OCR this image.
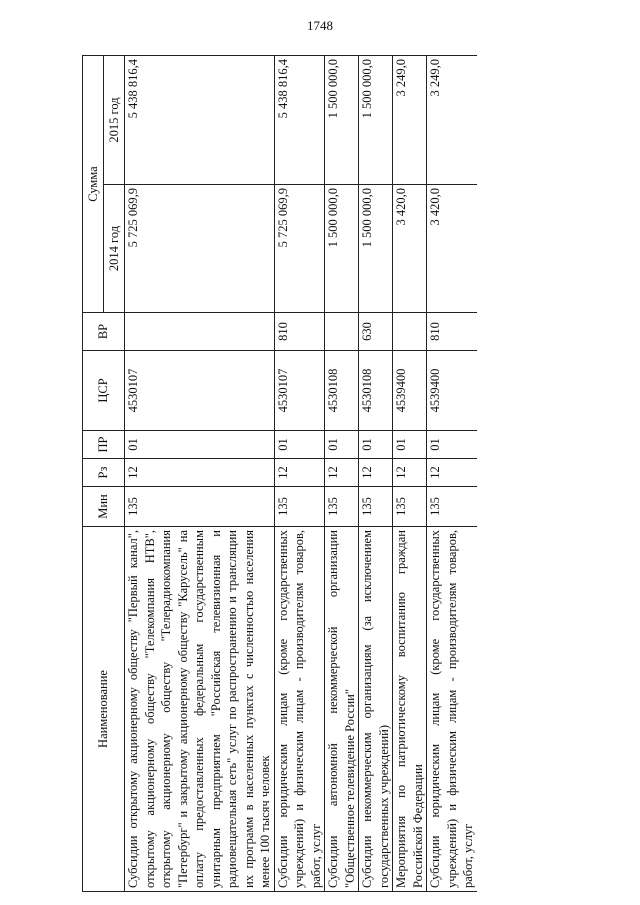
1748
Наименование	Мин	Рз	ПР	ЦСР	ВР	Сумма	
						2014 год	2015 год
Субсидии открытому акционерному обществу "Первый канал", открытому акционерному обществу "Телекомпания НТВ", открытому акционерному обществу "Телерадиокомпания "Петербург" и закрытому акционерному обществу "Карусель" на оплату предоставленных федеральным государственным унитарным предприятием "Российская телевизионная и радиовещательная сеть" услуг по распространению и трансляции их программ в населенных пунктах с численностью населения менее 100 тысяч человек	135	12	01	4530107		5 725 069,9	5 438 816,4
Субсидии юридическим лицам (кроме государственных учреждений) и физическим лицам - производителям товаров, работ, услуг	135	12	01	4530107	810	5 725 069,9	5 438 816,4
Субсидии автономной некоммерческой организации "Общественное телевидение России"	135	12	01	4530108		1 500 000,0	1 500 000,0
Субсидии некоммерческим организациям (за исключением государственных учреждений)	135	12	01	4530108	630	1 500 000,0	1 500 000,0
Мероприятия по патриотическому воспитанию граждан Российской Федерации	135	12	01	4539400		3 420,0	3 249,0
Субсидии юридическим лицам (кроме государственных учреждений) и физическим лицам - производителям товаров, работ, услуг	135	12	01	4539400	810	3 420,0	3 249,0
